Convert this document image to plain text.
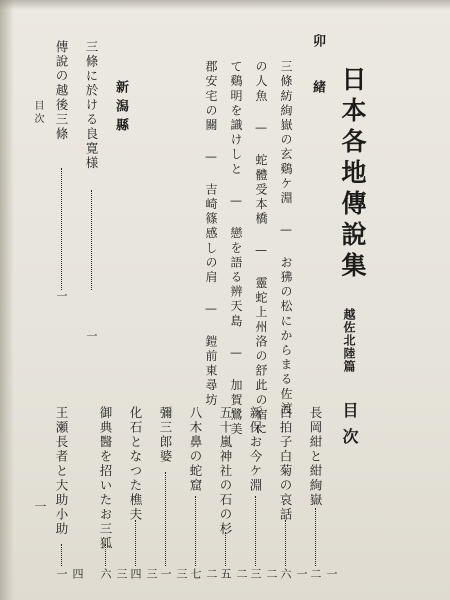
日本各地傳說集
越佐北陸篇
目次
卯
緒
三條紡絢嶽の玄鷄ケ淵 — お狒の松にからまる佐渡
の人魚 — 蛇體受本橋 — 靈蛇上州洛の舒此の宿に
て鷄明を識けしと — 戀を語る辨天島 — 加賀鷺美
郡安宅の關 — 吉崎篠感しの肩 — 鎧前東尋坊
新潟縣
三條に於ける良寛様
一
傳說の越後三條
一
目次
長岡紺と紺絢嶽
一二
白拍子白菊の哀話
一六
新保お今ケ淵
二三
五十嵐神社の石の杉
二五
八木鼻の蛇窟
二七
彌三郎婆
三一
化石となつた樵夫
三四
御典醫を招いたお三狐
三六
王瀬長者と大助小助
四一
一
